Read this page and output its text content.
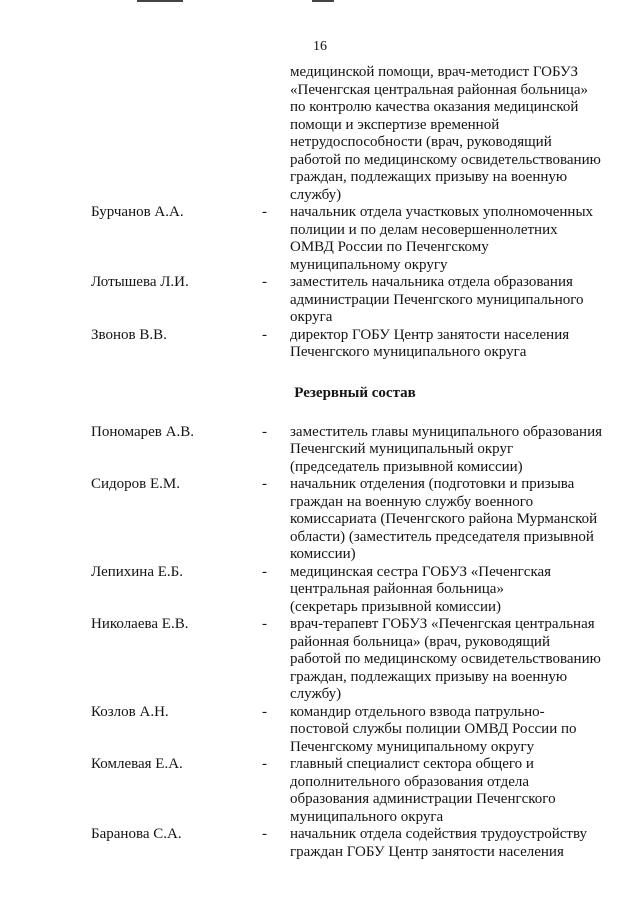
16
медицинской помощи, врач-методист ГОБУЗ
«Печенгская центральная районная больница»
по контролю качества оказания медицинской
помощи и экспертизе временной
нетрудоспособности (врач, руководящий
работой по медицинскому освидетельствованию
граждан, подлежащих призыву на военную
службу)
Бурчанов А.А.	- начальник отдела участковых уполномоченных
полиции и по делам несовершеннолетних
ОМВД России по Печенгскому
муниципальному округу
Лотышева Л.И.	- заместитель начальника отдела образования
администрации Печенгского муниципального
округа
Звонов В.В.	- директор ГОБУ Центр занятости населения
Печенгского муниципального округа
Резервный состав
Пономарев А.В.	- заместитель главы муниципального образования
Печенгский муниципальный округ
(председатель призывной комиссии)
Сидоров Е.М.	- начальник отделения (подготовки и призыва
граждан на военную службу военного
комиссариата (Печенгского района Мурманской
области) (заместитель председателя призывной
комиссии)
Лепихина Е.Б.	- медицинская сестра ГОБУЗ «Печенгская
центральная районная больница»
(секретарь призывной комиссии)
Николаева Е.В.	- врач-терапевт ГОБУЗ «Печенгская центральная
районная больница» (врач, руководящий
работой по медицинскому освидетельствованию
граждан, подлежащих призыву на военную
службу)
Козлов А.Н.	- командир отдельного взвода патрульно-
постовой службы полиции ОМВД России по
Печенгскому муниципальному округу
Комлевая Е.А.	- главный специалист сектора общего и
дополнительного образования отдела
образования администрации Печенгского
муниципального округа
Баранова С.А.	- начальник отдела содействия трудоустройству
граждан ГОБУ Центр занятости населения
